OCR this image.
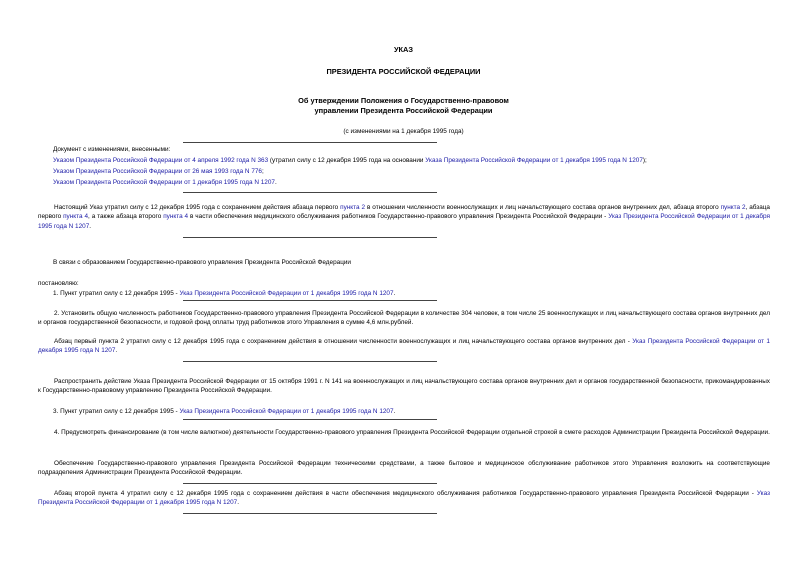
УКАЗ
ПРЕЗИДЕНТА РОССИЙСКОЙ ФЕДЕРАЦИИ
Об утверждении Положения о Государственно-правовом
управлении Президента Российской Федерации
(с изменениями на 1 декабря 1995 года)
Документ с изменениями, внесенными:
Указом Президента Российской Федерации от 4 апреля 1992 года N 363 (утратил силу с 12 декабря 1995 года на основании Указа Президента Российской Федерации от 1 декабря 1995 года N 1207);
Указом Президента Российской Федерации от 26 мая 1993 года N 776;
Указом Президента Российской Федерации от 1 декабря 1995 года N 1207.
Настоящий Указ утратил силу с 12 декабря 1995 года с сохранением действия абзаца первого пункта 2 в отношении численности военнослужащих и лиц начальствующего состава органов внутренних дел, абзаца второго пункта 2, абзаца первого пункта 4, а также абзаца второго пункта 4 в части обеспечения медицинского обслуживания работников Государственно-правового управления Президента Российской Федерации - Указ Президента Российской Федерации от 1 декабря 1995 года N 1207.
В связи с образованием Государственно-правового управления Президента Российской Федерации
постановляю:
1. Пункт утратил силу с 12 декабря 1995 - Указ Президента Российской Федерации от 1 декабря 1995 года N 1207.
2. Установить общую численность работников Государственно-правового управления Президента Российской Федерации в количестве 304 человек, в том числе 25 военнослужащих и лиц начальствующего состава органов внутренних дел и органов государственной безопасности, и годовой фонд оплаты труд работников этого Управления в сумме 4,6 млн.рублей.
Абзац первый пункта 2 утратил силу с 12 декабря 1995 года с сохранением действия в отношении численности военнослужащих и лиц начальствующего состава органов внутренних дел - Указ Президента Российской Федерации от 1 декабря 1995 года N 1207.
Распространить действие Указа Президента Российской Федерации от 15 октября 1991 г. N 141 на военнослужащих и лиц начальствующего состава органов внутренних дел и органов государственной безопасности, прикомандированных к Государственно-правовому управлению Президента Российской Федерации.
3. Пункт утратил силу с 12 декабря 1995 - Указ Президента Российской Федерации от 1 декабря 1995 года N 1207.
4. Предусмотреть финансирование (в том числе валютное) деятельности Государственно-правового управления Президента Российской Федерации отдельной строкой в смете расходов Администрации Президента Российской Федерации.
Обеспечение Государственно-правового управления Президента Российской Федерации техническими средствами, а также бытовое и медицинское обслуживание работников этого Управления возложить на соответствующие подразделения Администрации Президента Российской Федерации.
Абзац второй пункта 4 утратил силу с 12 декабря 1995 года с сохранением действия в части обеспечения медицинского обслуживания работников Государственно-правового управления Президента Российской Федерации - Указ Президента Российской Федерации от 1 декабря 1995 года N 1207.
